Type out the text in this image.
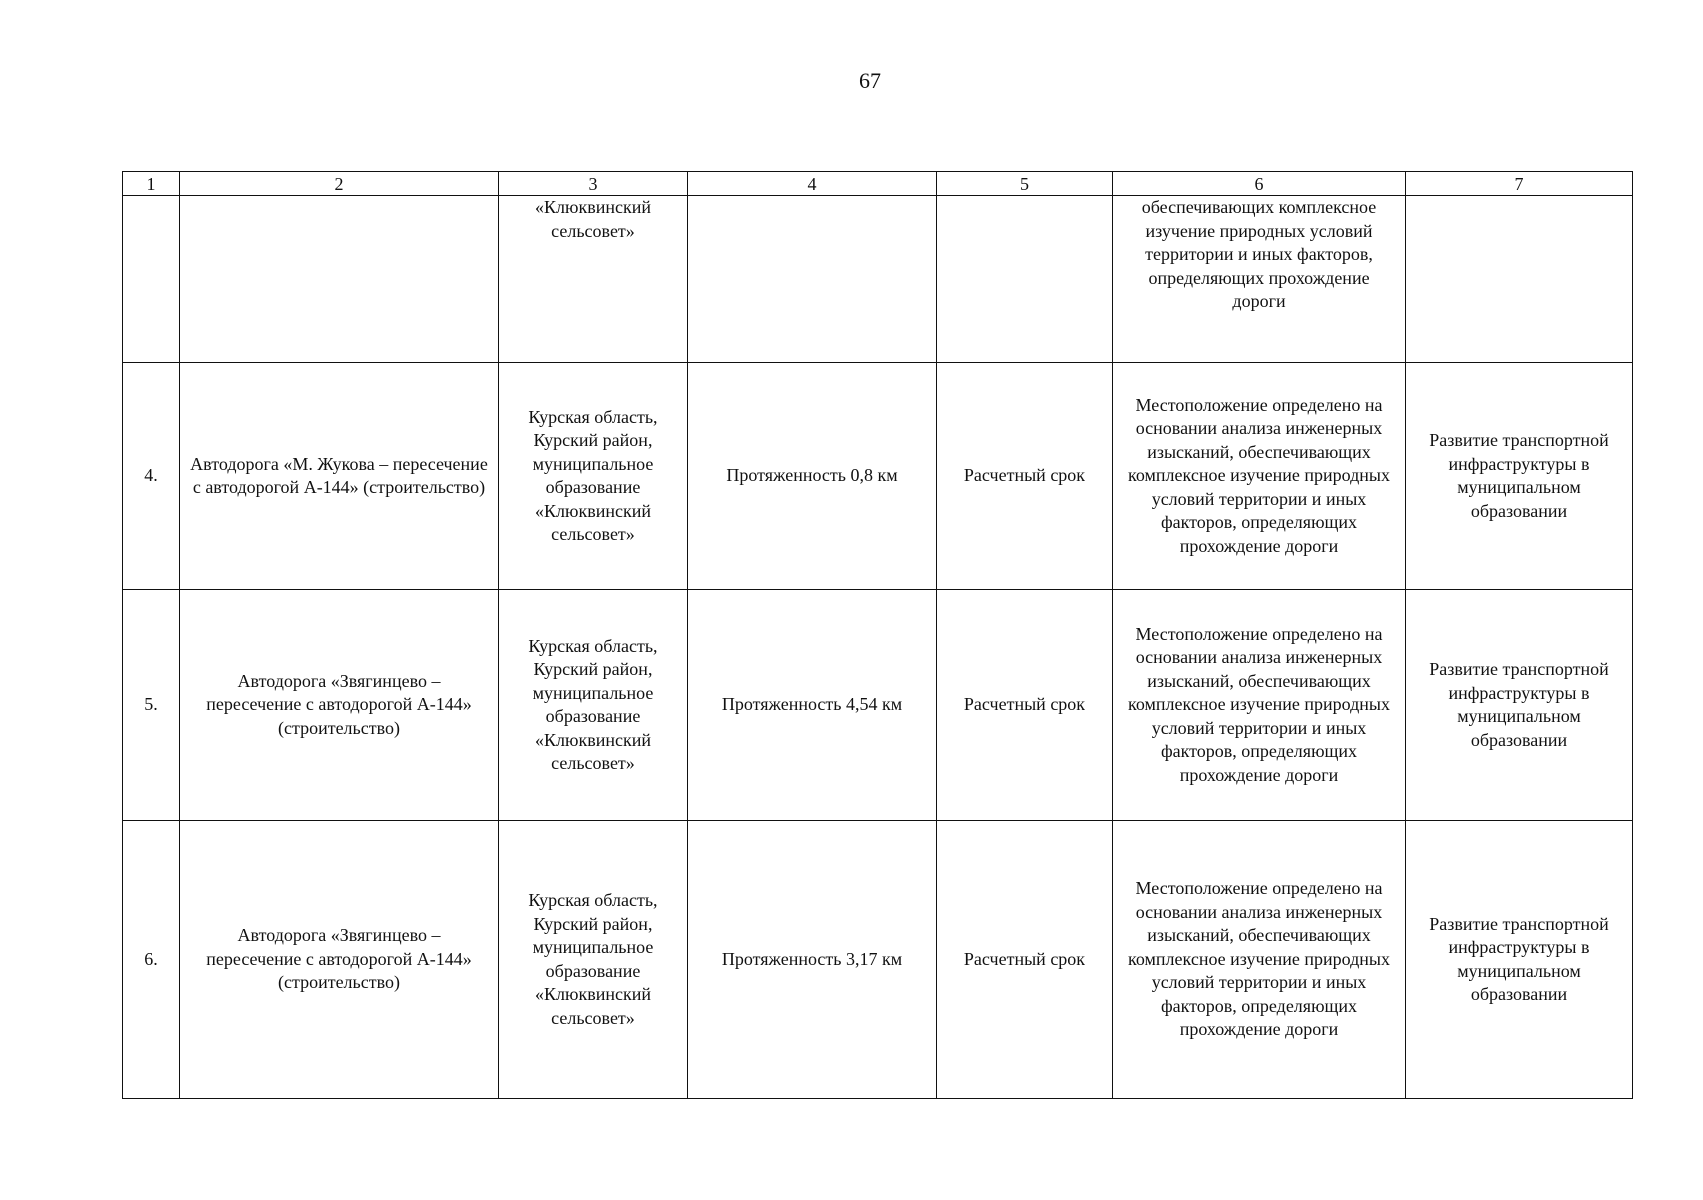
67
1	2	3	4	5	6	7
		«Клюквинский сельсовет»			обеспечивающих комплексное изучение природных условий территории и иных факторов, определяющих прохождение дороги	
4.	Автодорога «М. Жукова – пересечение с автодорогой А-144» (строительство)	Курская область, Курский район, муниципальное образование «Клюквинский сельсовет»	Протяженность 0,8 км	Расчетный срок	Местоположение определено на основании анализа инженерных изысканий, обеспечивающих комплексное изучение природных условий территории и иных факторов, определяющих прохождение дороги	Развитие транспортной инфраструктуры в муниципальном образовании
5.	Автодорога «Звягинцево – пересечение с автодорогой А-144» (строительство)	Курская область, Курский район, муниципальное образование «Клюквинский сельсовет»	Протяженность 4,54 км	Расчетный срок	Местоположение определено на основании анализа инженерных изысканий, обеспечивающих комплексное изучение природных условий территории и иных факторов, определяющих прохождение дороги	Развитие транспортной инфраструктуры в муниципальном образовании
6.	Автодорога «Звягинцево – пересечение с автодорогой А-144» (строительство)	Курская область, Курский район, муниципальное образование «Клюквинский сельсовет»	Протяженность 3,17 км	Расчетный срок	Местоположение определено на основании анализа инженерных изысканий, обеспечивающих комплексное изучение природных условий территории и иных факторов, определяющих прохождение дороги	Развитие транспортной инфраструктуры в муниципальном образовании
